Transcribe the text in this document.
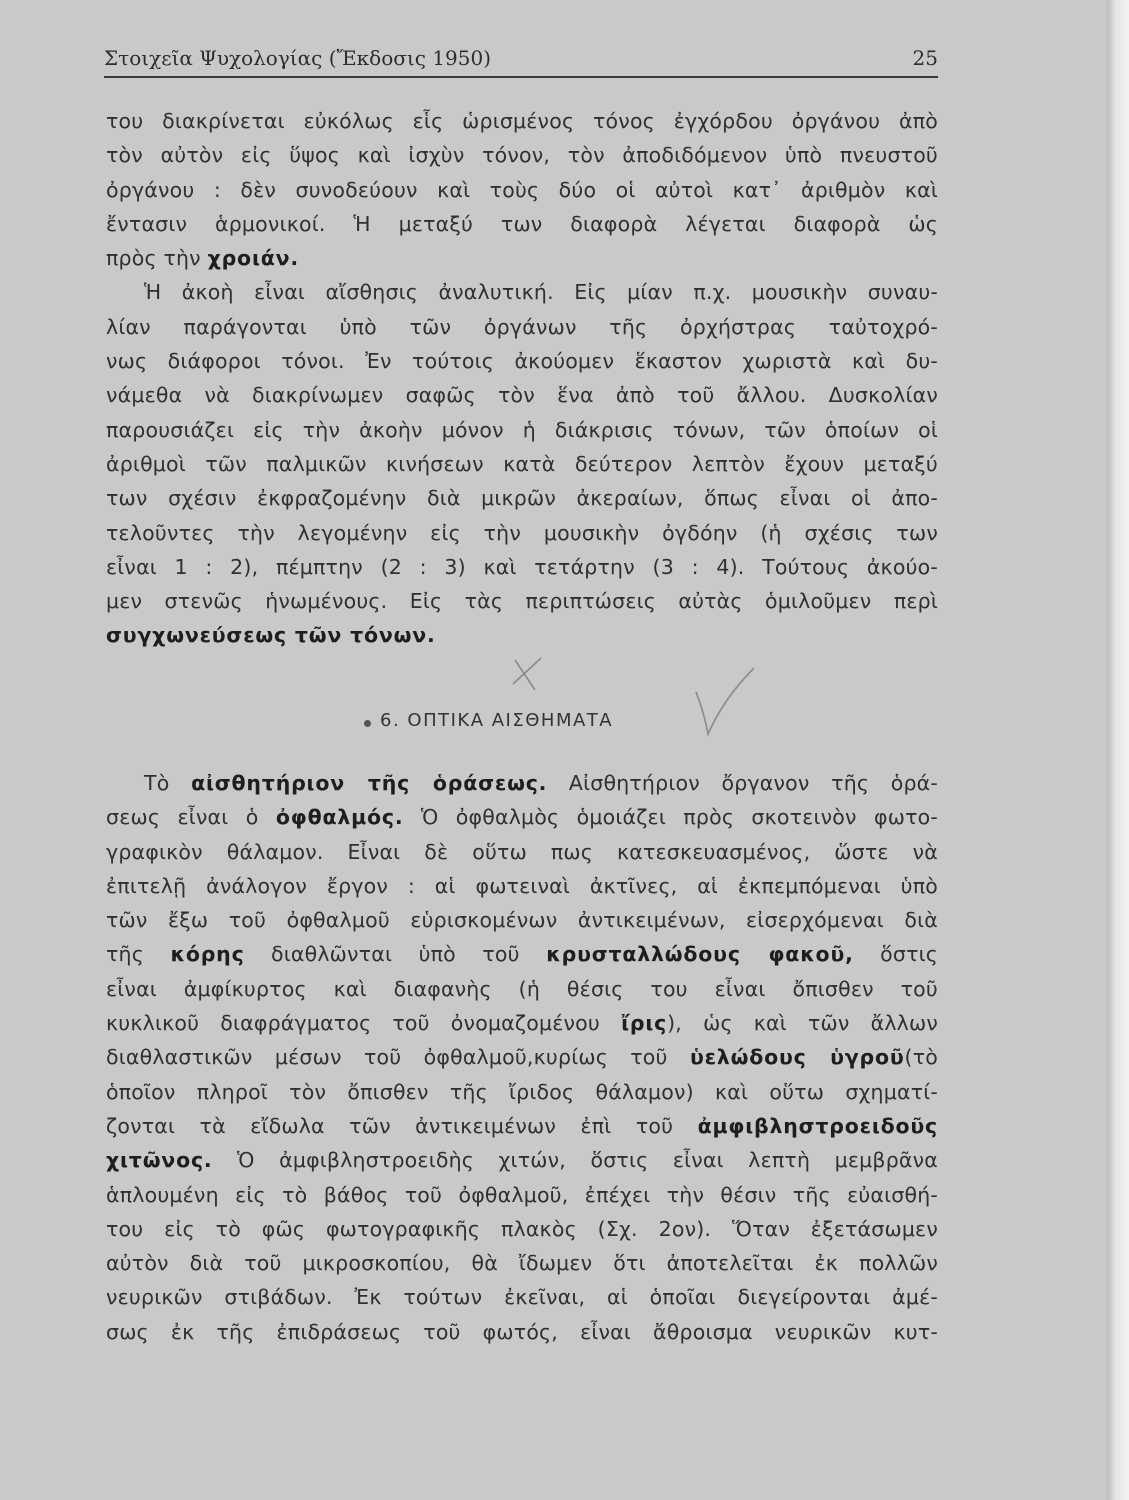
Στοιχεῖα Ψυχολογίας (Ἔκδοσις 1950)	25
του διακρίνεται εὐκόλως εἷς ὡρισμένος τόνος ἐγχόρδου ὀργάνου ἀπὸ
τὸν αὐτὸν εἰς ὕψος καὶ ἰσχὺν τόνον, τὸν ἀποδιδόμενον ὑπὸ πνευστοῦ
ὀργάνου : δὲν συνοδεύουν καὶ τοὺς δύο οἱ αὐτοὶ κατ᾽ ἀριθμὸν καὶ
ἔντασιν ἁρμονικοί. Ἡ μεταξύ των διαφορὰ λέγεται διαφορὰ ὡς
πρὸς τὴν χροιάν.
Ἡ ἀκοὴ εἶναι αἴσθησις ἀναλυτική. Εἰς μίαν π.χ. μουσικὴν συναυ-
λίαν παράγονται ὑπὸ τῶν ὀργάνων τῆς ὀρχήστρας ταὐτοχρό-
νως διάφοροι τόνοι. Ἐν τούτοις ἀκούομεν ἕκαστον χωριστὰ καὶ δυ-
νάμεθα νὰ διακρίνωμεν σαφῶς τὸν ἕνα ἀπὸ τοῦ ἄλλου. Δυσκολίαν
παρουσιάζει εἰς τὴν ἀκοὴν μόνον ἡ διάκρισις τόνων, τῶν ὁποίων οἱ
ἀριθμοὶ τῶν παλμικῶν κινήσεων κατὰ δεύτερον λεπτὸν ἔχουν μεταξύ
των σχέσιν ἐκφραζομένην διὰ μικρῶν ἀκεραίων, ὅπως εἶναι οἱ ἀπο-
τελοῦντες τὴν λεγομένην εἰς τὴν μουσικὴν ὀγδόην (ἡ σχέσις των
εἶναι 1 : 2), πέμπτην (2 : 3) καὶ τετάρτην (3 : 4). Τούτους ἀκούο-
μεν στενῶς ἡνωμένους. Εἰς τὰς περιπτώσεις αὐτὰς ὁμιλοῦμεν περὶ
συγχωνεύσεως τῶν τόνων.
6. ΟΠΤΙΚΑ ΑΙΣΘΗΜΑΤΑ
Τὸ αἰσθητήριον τῆς ὁράσεως. Αἰσθητήριον ὄργανον τῆς ὁρά-
σεως εἶναι ὁ ὀφθαλμός. Ὁ ὀφθαλμὸς ὁμοιάζει πρὸς σκοτεινὸν φωτο-
γραφικὸν θάλαμον. Εἶναι δὲ οὕτω πως κατεσκευασμένος, ὥστε νὰ
ἐπιτελῇ ἀνάλογον ἔργον : αἱ φωτειναὶ ἀκτῖνες, αἱ ἐκπεμπόμεναι ὑπὸ
τῶν ἔξω τοῦ ὀφθαλμοῦ εὑρισκομένων ἀντικειμένων, εἰσερχόμεναι διὰ
τῆς κόρης διαθλῶνται ὑπὸ τοῦ κρυσταλλώδους φακοῦ, ὅστις
εἶναι ἀμφίκυρτος καὶ διαφανὴς (ἡ θέσις του εἶναι ὄπισθεν τοῦ
κυκλικοῦ διαφράγματος τοῦ ὀνομαζομένου ἴρις), ὡς καὶ τῶν ἄλλων
διαθλαστικῶν μέσων τοῦ ὀφθαλμοῦ,κυρίως τοῦ ὑελώδους ὑγροῦ(τὸ
ὁποῖον πληροῖ τὸν ὄπισθεν τῆς ἴριδος θάλαμον) καὶ οὕτω σχηματί-
ζονται τὰ εἴδωλα τῶν ἀντικειμένων ἐπὶ τοῦ ἀμφιβληστροειδοῦς
χιτῶνος. Ὁ ἀμφιβληστροειδὴς χιτών, ὅστις εἶναι λεπτὴ μεμβρᾶνα
ἁπλουμένη εἰς τὸ βάθος τοῦ ὀφθαλμοῦ, ἐπέχει τὴν θέσιν τῆς εὐαισθή-
του εἰς τὸ φῶς φωτογραφικῆς πλακὸς (Σχ. 2ον). Ὅταν ἐξετάσωμεν
αὐτὸν διὰ τοῦ μικροσκοπίου, θὰ ἴδωμεν ὅτι ἀποτελεῖται ἐκ πολλῶν
νευρικῶν στιβάδων. Ἐκ τούτων ἐκεῖναι, αἱ ὁποῖαι διεγείρονται ἀμέ-
σως ἐκ τῆς ἐπιδράσεως τοῦ φωτός, εἶναι ἄθροισμα νευρικῶν κυτ-
